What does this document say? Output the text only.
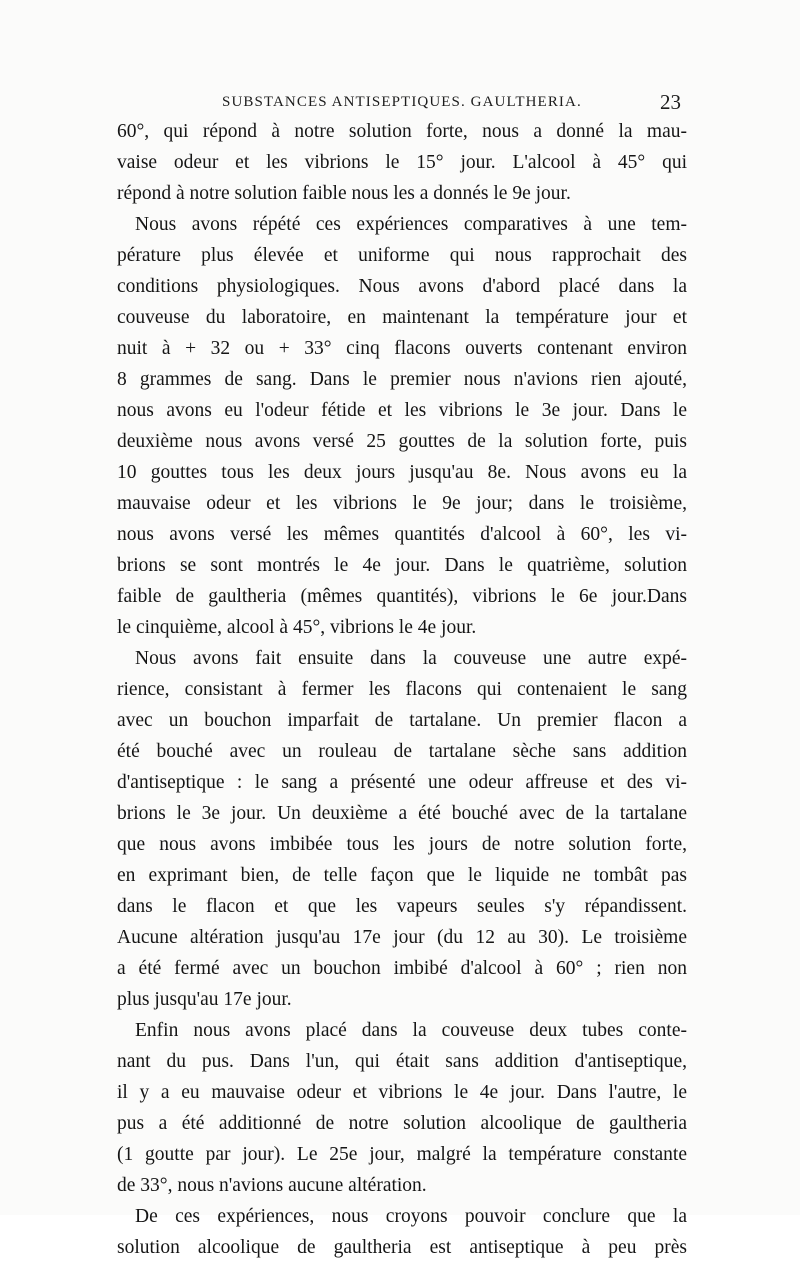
SUBSTANCES ANTISEPTIQUES. GAULTHERIA.	23
60°, qui répond à notre solution forte, nous a donné la mau-
vaise odeur et les vibrions le 15° jour. L'alcool à 45° qui
répond à notre solution faible nous les a donnés le 9e jour.
Nous avons répété ces expériences comparatives à une tem-
pérature plus élevée et uniforme qui nous rapprochait des
conditions physiologiques. Nous avons d'abord placé dans la
couveuse du laboratoire, en maintenant la température jour et
nuit à + 32 ou + 33° cinq flacons ouverts contenant environ
8 grammes de sang. Dans le premier nous n'avions rien ajouté,
nous avons eu l'odeur fétide et les vibrions le 3e jour. Dans le
deuxième nous avons versé 25 gouttes de la solution forte, puis
10 gouttes tous les deux jours jusqu'au 8e. Nous avons eu la
mauvaise odeur et les vibrions le 9e jour; dans le troisième,
nous avons versé les mêmes quantités d'alcool à 60°, les vi-
brions se sont montrés le 4e jour. Dans le quatrième, solution
faible de gaultheria (mêmes quantités), vibrions le 6e jour.Dans
le cinquième, alcool à 45°, vibrions le 4e jour.
Nous avons fait ensuite dans la couveuse une autre expé-
rience, consistant à fermer les flacons qui contenaient le sang
avec un bouchon imparfait de tartalane. Un premier flacon a
été bouché avec un rouleau de tartalane sèche sans addition
d'antiseptique : le sang a présenté une odeur affreuse et des vi-
brions le 3e jour. Un deuxième a été bouché avec de la tartalane
que nous avons imbibée tous les jours de notre solution forte,
en exprimant bien, de telle façon que le liquide ne tombât pas
dans le flacon et que les vapeurs seules s'y répandissent.
Aucune altération jusqu'au 17e jour (du 12 au 30). Le troisième
a été fermé avec un bouchon imbibé d'alcool à 60° ; rien non
plus jusqu'au 17e jour.
Enfin nous avons placé dans la couveuse deux tubes conte-
nant du pus. Dans l'un, qui était sans addition d'antiseptique,
il y a eu mauvaise odeur et vibrions le 4e jour. Dans l'autre, le
pus a été additionné de notre solution alcoolique de gaultheria
(1 goutte par jour). Le 25e jour, malgré la température constante
de 33°, nous n'avions aucune altération.
De ces expériences, nous croyons pouvoir conclure que la
solution alcoolique de gaultheria est antiseptique à peu près
